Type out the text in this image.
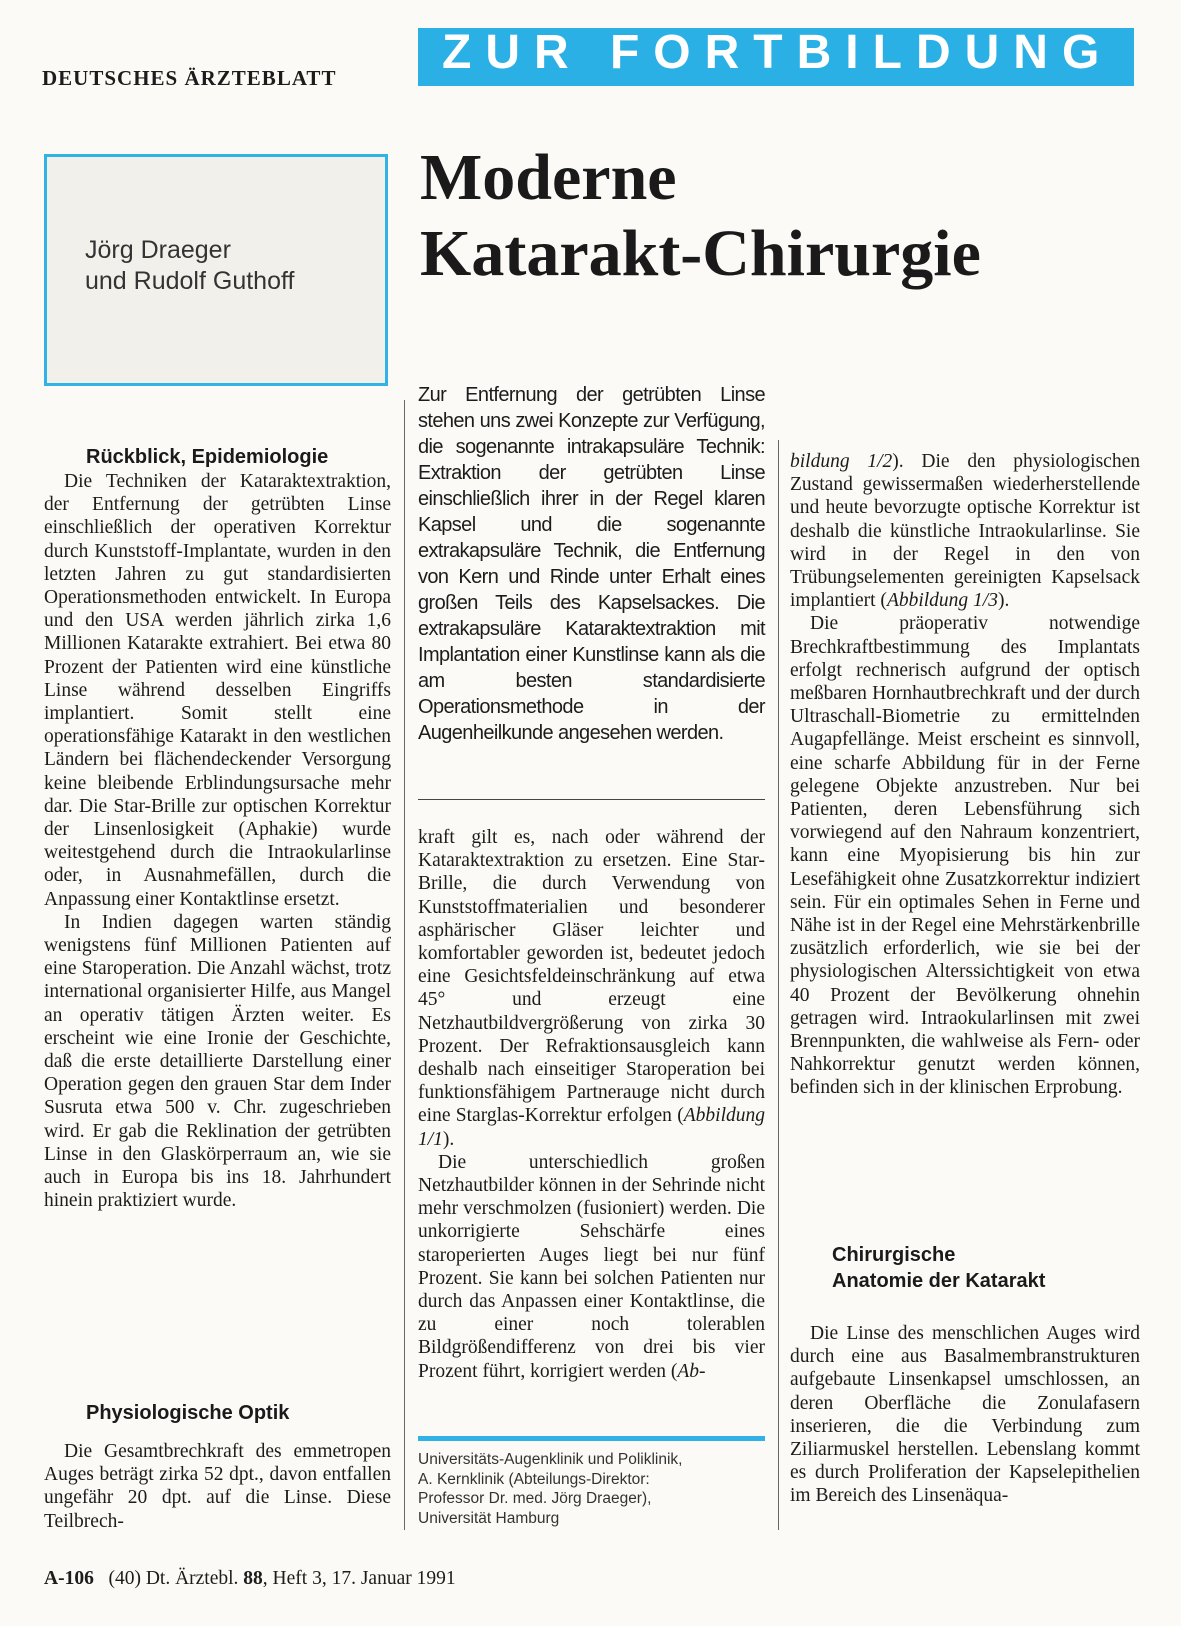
DEUTSCHES ÄRZTEBLATT	ZUR FORTBILDUNG
Jörg Draeger
und Rudolf Guthoff
Moderne
Katarakt-Chirurgie
Rückblick, Epidemiologie

Die Techniken der Kataraktextraktion, der Entfernung der getrübten Linse einschließlich der operativen Korrektur durch Kunststoff-Implantate, wurden in den letzten Jahren zu gut standardisierten Operationsmethoden entwickelt. In Europa und den USA werden jährlich zirka 1,6 Millionen Katarakte extrahiert. Bei etwa 80 Prozent der Patienten wird eine künstliche Linse während desselben Eingriffs implantiert. Somit stellt eine operationsfähige Katarakt in den westlichen Ländern bei flächendeckender Versorgung keine bleibende Erblindungsursache mehr dar. Die Star-Brille zur optischen Korrektur der Linsenlosigkeit (Aphakie) wurde weitestgehend durch die Intraokularlinse oder, in Ausnahmefällen, durch die Anpassung einer Kontaktlinse ersetzt.

In Indien dagegen warten ständig wenigstens fünf Millionen Patienten auf eine Staroperation. Die Anzahl wächst, trotz international organisierter Hilfe, aus Mangel an operativ tätigen Ärzten weiter. Es erscheint wie eine Ironie der Geschichte, daß die erste detaillierte Darstellung einer Operation gegen den grauen Star dem Inder Susruta etwa 500 v. Chr. zugeschrieben wird. Er gab die Reklination der getrübten Linse in den Glaskörperraum an, wie sie auch in Europa bis ins 18. Jahrhundert hinein praktiziert wurde.

Physiologische Optik

Die Gesamtbrechkraft des emmetropen Auges beträgt zirka 52 dpt., davon entfallen ungefähr 20 dpt. auf die Linse. Diese Teilbrech-

Zur Entfernung der getrübten Linse stehen uns zwei Konzepte zur Verfügung, die sogenannte intrakapsuläre Technik: Extraktion der getrübten Linse einschließlich ihrer in der Regel klaren Kapsel und die sogenannte extrakapsuläre Technik, die Entfernung von Kern und Rinde unter Erhalt eines großen Teils des Kapselsackes. Die extrakapsuläre Kataraktextraktion mit Implantation einer Kunstlinse kann als die am besten standardisierte Operationsmethode in der Augenheilkunde angesehen werden.

kraft gilt es, nach oder während der Kataraktextraktion zu ersetzen. Eine Star-Brille, die durch Verwendung von Kunststoffmaterialien und besonderer asphärischer Gläser leichter und komfortabler geworden ist, bedeutet jedoch eine Gesichtsfeldeinschränkung auf etwa 45° und erzeugt eine Netzhautbildvergrößerung von zirka 30 Prozent. Der Refraktionsausgleich kann deshalb nach einseitiger Staroperation bei funktionsfähigem Partnerauge nicht durch eine Starglas-Korrektur erfolgen (Abbildung 1/1).

Die unterschiedlich großen Netzhautbilder können in der Sehrinde nicht mehr verschmolzen (fusioniert) werden. Die unkorrigierte Sehschärfe eines staroperierten Auges liegt bei nur fünf Prozent. Sie kann bei solchen Patienten nur durch das Anpassen einer Kontaktlinse, die zu einer noch tolerablen Bildgrößendifferenz von drei bis vier Prozent führt, korrigiert werden (Ab-

Universitäts-Augenklinik und Poliklinik,
A. Kernklinik (Abteilungs-Direktor:
Professor Dr. med. Jörg Draeger),
Universität Hamburg

bildung 1/2). Die den physiologischen Zustand gewissermaßen wiederherstellende und heute bevorzugte optische Korrektur ist deshalb die künstliche Intraokularlinse. Sie wird in der Regel in den von Trübungselementen gereinigten Kapselsack implantiert (Abbildung 1/3).

Die präoperativ notwendige Brechkraftbestimmung des Implantats erfolgt rechnerisch aufgrund der optisch meßbaren Hornhautbrechkraft und der durch Ultraschall-Biometrie zu ermittelnden Augapfellänge. Meist erscheint es sinnvoll, eine scharfe Abbildung für in der Ferne gelegene Objekte anzustreben. Nur bei Patienten, deren Lebensführung sich vorwiegend auf den Nahraum konzentriert, kann eine Myopisierung bis hin zur Lesefähigkeit ohne Zusatzkorrektur indiziert sein. Für ein optimales Sehen in Ferne und Nähe ist in der Regel eine Mehrstärkenbrille zusätzlich erforderlich, wie sie bei der physiologischen Alterssichtigkeit von etwa 40 Prozent der Bevölkerung ohnehin getragen wird. Intraokularlinsen mit zwei Brennpunkten, die wahlweise als Fern- oder Nahkorrektur genutzt werden können, befinden sich in der klinischen Erprobung.

Chirurgische
Anatomie der Katarakt

Die Linse des menschlichen Auges wird durch eine aus Basalmembranstrukturen aufgebaute Linsenkapsel umschlossen, an deren Oberfläche die Zonulafasern inserieren, die die Verbindung zum Ziliarmuskel herstellen. Lebenslang kommt es durch Proliferation der Kapselepithelien im Bereich des Linsenäqua-

A-106 (40) Dt. Ärztebl. 88, Heft 3, 17. Januar 1991
